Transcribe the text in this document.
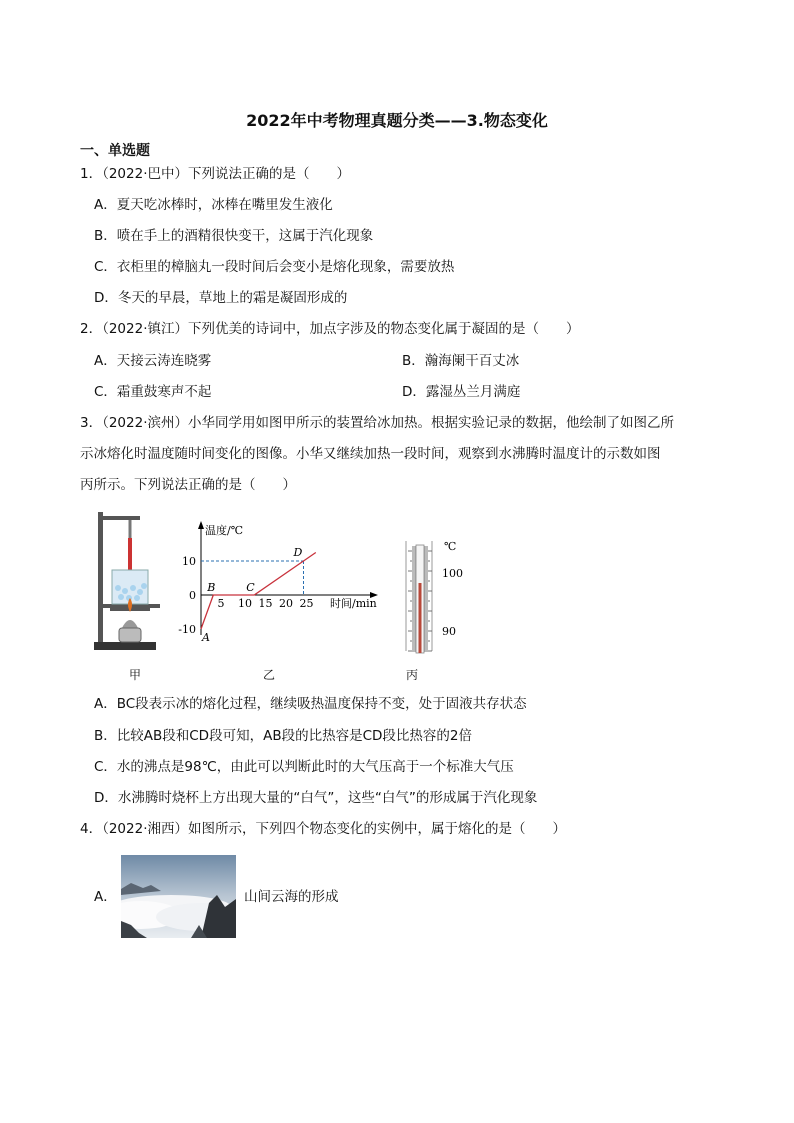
2022年中考物理真题分类——3.物态变化
一、单选题
1．（2022·巴中）下列说法正确的是（　　）
A．夏天吃冰棒时，冰棒在嘴里发生液化
B．喷在手上的酒精很快变干，这属于汽化现象
C．衣柜里的樟脑丸一段时间后会变小是熔化现象，需要放热
D．冬天的早晨，草地上的霜是凝固形成的
2．（2022·镇江）下列优美的诗词中，加点字涉及的物态变化属于凝固的是（　　）
A．天接云涛连晓雾	B．瀚海阑干百丈冰
C．霜重鼓寒声不起	D．露湿丛兰月满庭
3．（2022·滨州）小华同学用如图甲所示的装置给冰加热。根据实验记录的数据，他绘制了如图乙所
示冰熔化时温度随时间变化的图像。小华又继续加热一段时间，观察到水沸腾时温度计的示数如图
丙所示。下列说法正确的是（　　）
温度/℃
时间/min
5 10 15 20 25
10
0
-10
A
B	C
D	℃
100
90
甲	乙	丙
A．BC段表示冰的熔化过程，继续吸热温度保持不变，处于固液共存状态
B．比较AB段和CD段可知，AB段的比热容是CD段比热容的2倍
C．水的沸点是98℃，由此可以判断此时的大气压高于一个标准大气压
D．水沸腾时烧杯上方出现大量的“白气”，这些“白气”的形成属于汽化现象
4．（2022·湘西）如图所示，下列四个物态变化的实例中，属于熔化的是（　　）
A．	山间云海的形成
